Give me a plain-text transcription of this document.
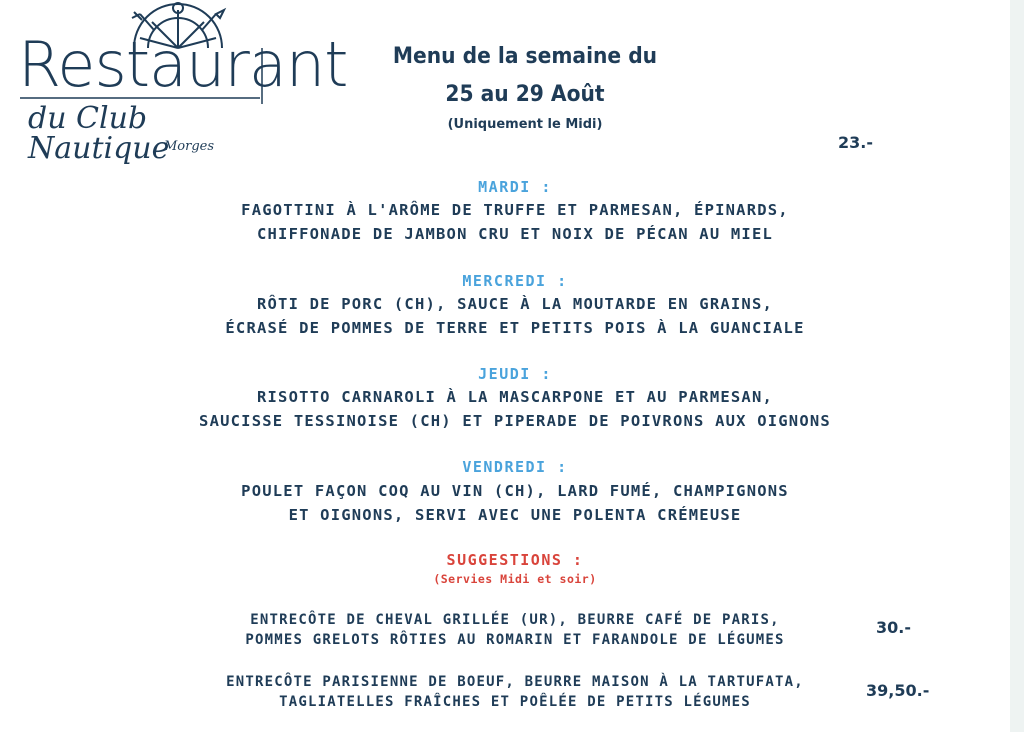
Restaurant
du Club Nautique
Morges
Menu de la semaine du
25 au 29 Août
(Uniquement le Midi)
23.-
MARDI :
FAGOTTINI À L'ARÔME DE TRUFFE ET PARMESAN, ÉPINARDS,
CHIFFONADE DE JAMBON CRU ET NOIX DE PÉCAN AU MIEL
MERCREDI :
RÔTI DE PORC (CH), SAUCE À LA MOUTARDE EN GRAINS,
ÉCRASÉ DE POMMES DE TERRE ET PETITS POIS À LA GUANCIALE
JEUDI :
RISOTTO CARNAROLI À LA MASCARPONE ET AU PARMESAN,
SAUCISSE TESSINOISE (CH) ET PIPERADE DE POIVRONS AUX OIGNONS
VENDREDI :
POULET FAÇON COQ AU VIN (CH), LARD FUMÉ, CHAMPIGNONS
ET OIGNONS, SERVI AVEC UNE POLENTA CRÉMEUSE
SUGGESTIONS :
(Servies Midi et soir)
ENTRECÔTE DE CHEVAL GRILLÉE (UR), BEURRE CAFÉ DE PARIS,
POMMES GRELOTS RÔTIES AU ROMARIN ET FARANDOLE DE LÉGUMES
30.-
ENTRECÔTE PARISIENNE DE BOEUF, BEURRE MAISON À LA TARTUFATA,
TAGLIATELLES FRAÎCHES ET POÊLÉE DE PETITS LÉGUMES
39,50.-
